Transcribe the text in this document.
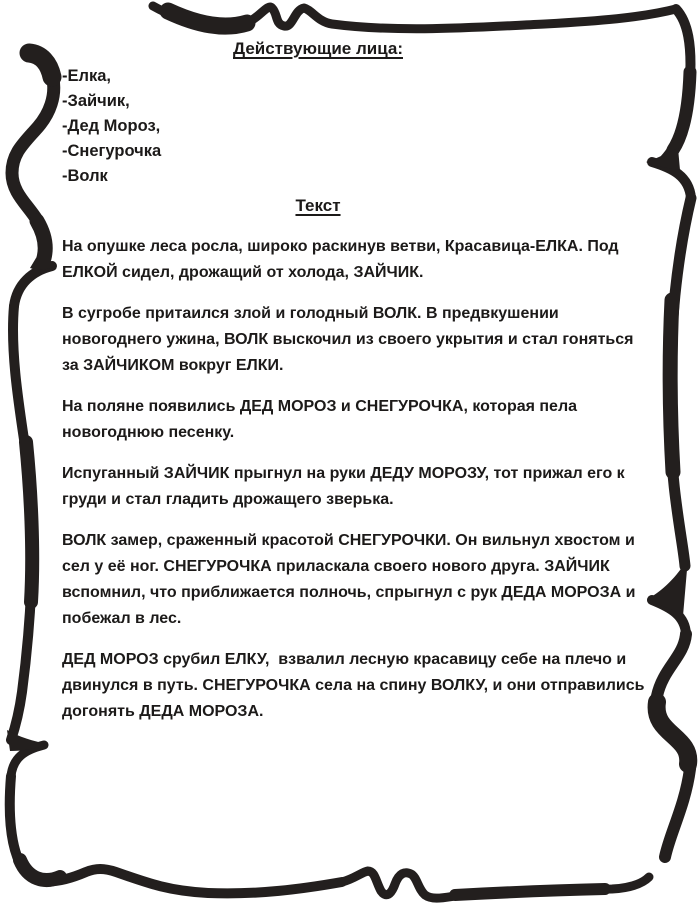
Действующие лица:
-Елка,
-Зайчик,
-Дед Мороз,
-Снегурочка
-Волк
Текст

На опушке леса росла, широко раскинув ветви, Красавица-ЕЛКА. Под ЕЛКОЙ сидел, дрожащий от холода, ЗАЙЧИК.

В сугробе притаился злой и голодный ВОЛК. В предвкушении новогоднего ужина, ВОЛК выскочил из своего укрытия и стал гоняться за ЗАЙЧИКОМ вокруг ЕЛКИ.

На поляне появились ДЕД МОРОЗ и СНЕГУРОЧКА, которая пела новогоднюю песенку.

Испуганный ЗАЙЧИК прыгнул на руки ДЕДУ МОРОЗУ, тот прижал его к груди и стал гладить дрожащего зверька.

ВОЛК замер, сраженный красотой СНЕГУРОЧКИ. Он вильнул хвостом и сел у её ног. СНЕГУРОЧКА приласкала своего нового друга. ЗАЙЧИК вспомнил, что приближается полночь, спрыгнул с рук ДЕДА МОРОЗА и побежал в лес.

ДЕД МОРОЗ срубил ЕЛКУ,  взвалил лесную красавицу себе на плечо и двинулся в путь. СНЕГУРОЧКА села на спину ВОЛКУ, и они отправились догонять ДЕДА МОРОЗА.
